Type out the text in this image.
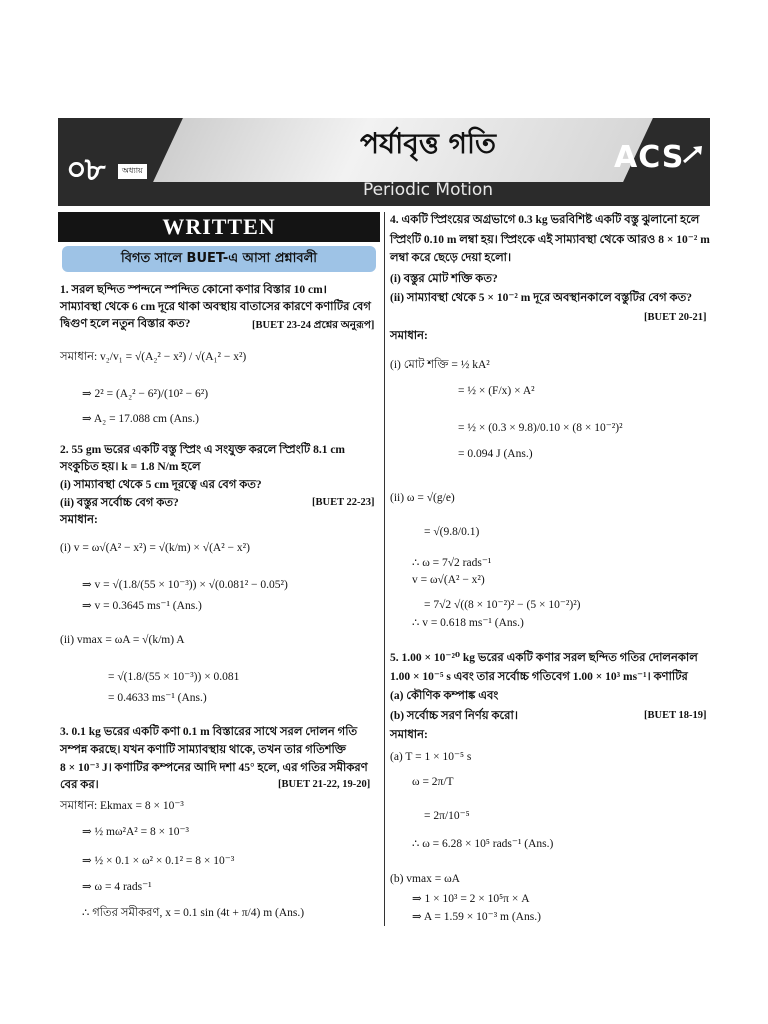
০৮	অধ্যায়
পর্যাবৃত্ত গতি
Periodic Motion
ACS
WRITTEN
বিগত সালে BUET-এ আসা প্রশ্নাবলী
1. সরল ছন্দিত স্পন্দনে স্পন্দিত কোনো কণার বিস্তার 10 cm।
সাম্যাবস্থা থেকে 6 cm দূরে থাকা অবস্থায় বাতাসের কারণে কণাটির বেগ
দ্বিগুণ হলে নতুন বিস্তার কত?	[BUET 23-24 প্রশ্নের অনুরূপ]
সমাধান: v₂/v₁ = √(A₂² − x²) / √(A₁² − x²)
⇒ 2² = (A₂² − 6²)/(10² − 6²)
⇒ A₂ = 17.088 cm (Ans.)
2. 55 gm ভরের একটি বস্তু স্প্রিং এ সংযুক্ত করলে স্প্রিংটি 8.1 cm
সংকুচিত হয়। k = 1.8 N/m হলে
(i) সাম্যাবস্থা থেকে 5 cm দূরত্বে এর বেগ কত?
(ii) বস্তুর সর্বোচ্চ বেগ কত?	[BUET 22-23]
সমাধান:
(i) v = ω√(A² − x²) = √(k/m) × √(A² − x²)
⇒ v = √(1.8/(55 × 10⁻³)) × √(0.081² − 0.05²)
⇒ v = 0.3645 ms⁻¹ (Ans.)
(ii) vmax = ωA = √(k/m) A
= √(1.8/(55 × 10⁻³)) × 0.081
= 0.4633 ms⁻¹ (Ans.)
3. 0.1 kg ভরের একটি কণা 0.1 m বিস্তারের সাথে সরল দোলন গতি
সম্পন্ন করছে। যখন কণাটি সাম্যাবস্থায় থাকে, তখন তার গতিশক্তি
8 × 10⁻³ J। কণাটির কম্পনের আদি দশা 45° হলে, এর গতির সমীকরণ
বের কর।	[BUET 21-22, 19-20]
সমাধান: Ekmax = 8 × 10⁻³
⇒ ½ mω²A² = 8 × 10⁻³
⇒ ½ × 0.1 × ω² × 0.1² = 8 × 10⁻³
⇒ ω = 4 rads⁻¹
∴ গতির সমীকরণ, x = 0.1 sin (4t + π/4) m (Ans.)
4. একটি স্প্রিংয়ের অগ্রভাগে 0.3 kg ভরবিশিষ্ট একটি বস্তু ঝুলানো হলে
স্প্রিংটি 0.10 m লম্বা হয়। স্প্রিংকে এই সাম্যাবস্থা থেকে আরও 8 × 10⁻² m
লম্বা করে ছেড়ে দেয়া হলো।
(i) বস্তুর মোট শক্তি কত?
(ii) সাম্যাবস্থা থেকে 5 × 10⁻² m দূরে অবস্থানকালে বস্তুটির বেগ কত?
[BUET 20-21]
সমাধান:
(i) মোট শক্তি = ½ kA²
= ½ × (F/x) × A²
= ½ × (0.3 × 9.8)/0.10 × (8 × 10⁻²)²
= 0.094 J (Ans.)
(ii) ω = √(g/e)
= √(9.8/0.1)
∴ ω = 7√2 rads⁻¹
v = ω√(A² − x²)
= 7√2 √((8 × 10⁻²)² − (5 × 10⁻²)²)
∴ v = 0.618 ms⁻¹ (Ans.)
5. 1.00 × 10⁻²⁰ kg ভরের একটি কণার সরল ছন্দিত গতির দোলনকাল
1.00 × 10⁻⁵ s এবং তার সর্বোচ্চ গতিবেগ 1.00 × 10³ ms⁻¹। কণাটির
(a) কৌণিক কম্পাঙ্ক এবং
(b) সর্বোচ্চ সরণ নির্ণয় করো।	[BUET 18-19]
সমাধান:
(a) T = 1 × 10⁻⁵ s
ω = 2π/T
= 2π/10⁻⁵
∴ ω = 6.28 × 10⁵ rads⁻¹ (Ans.)
(b) vmax = ωA
⇒ 1 × 10³ = 2 × 10⁵π × A
⇒ A = 1.59 × 10⁻³ m (Ans.)
